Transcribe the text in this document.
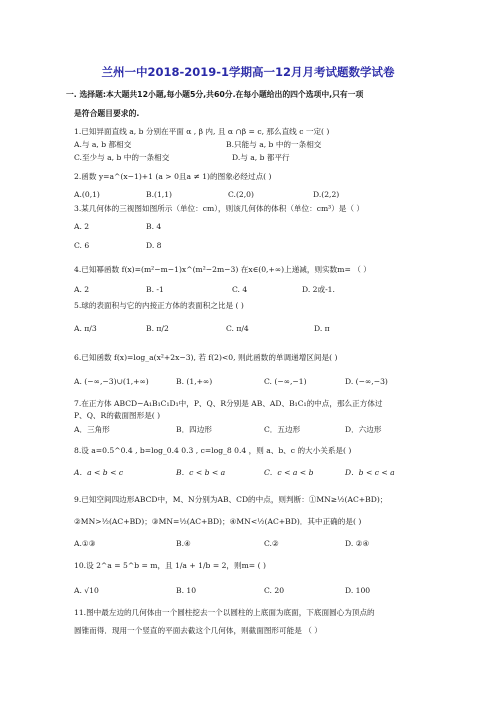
兰州一中2018-2019-1学期高一12月月考试题数学试卷
一. 选择题:本大题共12小题,每小题5分,共60分.在每小题给出的四个选项中,只有一项
是符合题目要求的.
1.已知异面直线 a, b 分别在平面 α , β 内, 且 α ∩β = c, 那么直线 c 一定( )
A.与 a, b 都相交	B.只能与 a, b 中的一条相交
C.至少与 a, b 中的一条相交	D.与 a, b 都平行
2.函数 y=a^(x−1)+1 (a > 0且a ≠ 1)的图象必经过点( )
A.(0,1)	B.(1,1)	C.(2,0)	D.(2,2)
3.某几何体的三视图如图所示（单位：cm），则该几何体的体积（单位：cm³）是（ ）
A. 2	B. 4
C. 6	D. 8
4.已知幂函数 f(x)=(m²−m−1)x^(m²−2m−3) 在x∈(0,+∞)上递减，则实数m= （ ）
A. 2	B. -1	C. 4	D. 2或-1.
5.球的表面积与它的内接正方体的表面积之比是 ( )
A. π/3	B. π/2	C. π/4	D. π
6.已知函数 f(x)=log_a(x²+2x−3), 若 f(2)<0, 则此函数的单调递增区间是( )
A. (−∞,−3)∪(1,+∞)	B. (1,+∞)	C. (−∞,−1)	D. (−∞,−3)
7.在正方体 ABCD−A₁B₁C₁D₁中，P、Q、R分别是 AB、AD、B₁C₁的中点，那么正方体过
P、Q、R的截面图形是( )
A．三角形	B．四边形	C．五边形	D．六边形
8.设 a=0.5^0.4 , b=log_0.4 0.3 , c=log_8 0.4 ，则 a、b、c 的大小关系是( )
A．a < b < c	B．c < b < a	C．c < a < b	D．b < c < a
9.已知空间四边形ABCD中，M、N分别为AB、CD的中点，则判断：①MN≥½(AC+BD)；
②MN>½(AC+BD)；③MN=½(AC+BD)；④MN<½(AC+BD)．其中正确的是( )
A.①③	B.④	C.②	D. ②④
10.设 2^a = 5^b = m，且 1/a + 1/b = 2，则m= ( )
A. √10	B. 10	C. 20	D. 100
11.图中最左边的几何体由一个圆柱挖去一个以圆柱的上底面为底面，下底面圆心为顶点的
圆锥而得．现用一个竖直的平面去截这个几何体，则截面图形可能是 （ ）
